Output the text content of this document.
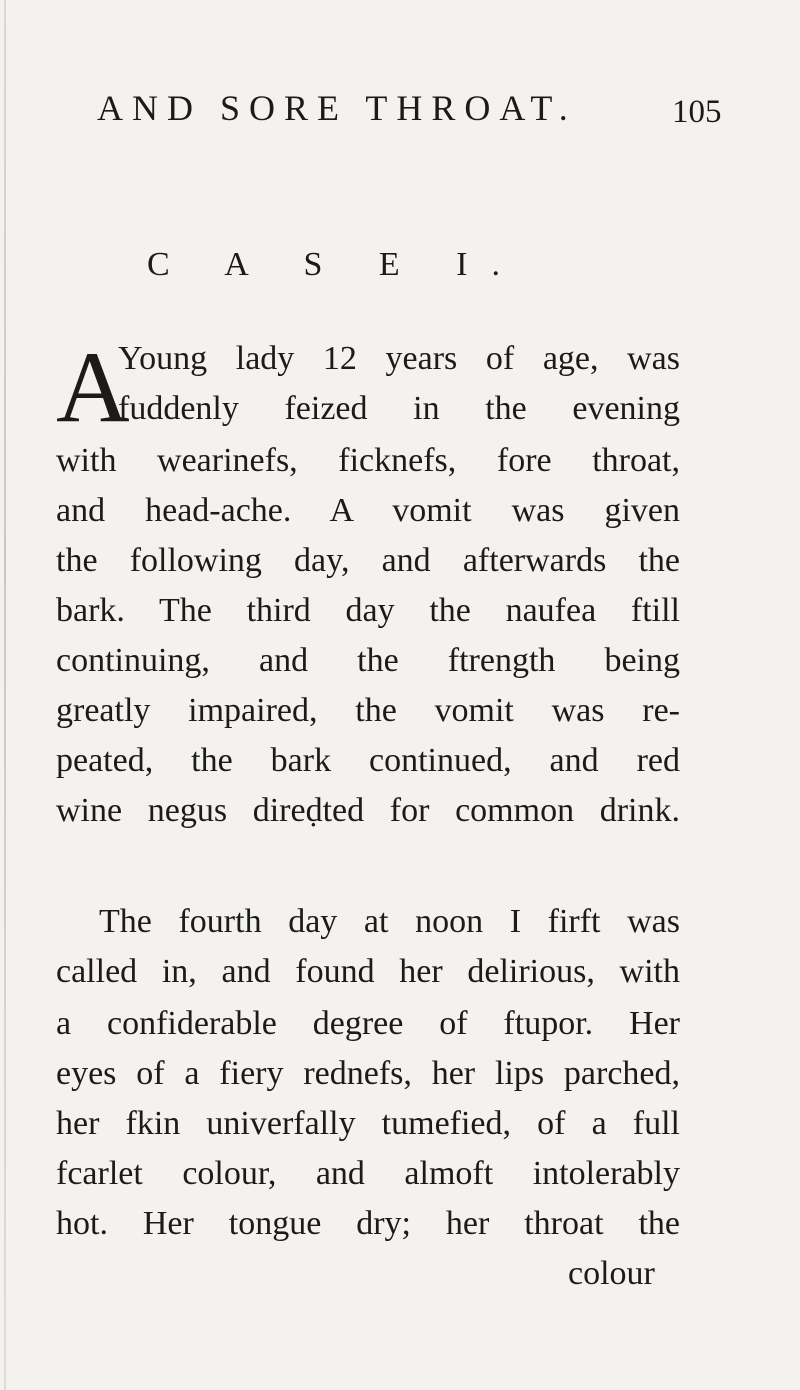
AND SORE THROAT.	105
C A S E I.
A
Young lady 12 years of age, was
fuddenly feized in the evening
with wearinefs, ficknefs, fore throat,
and head-ache. A vomit was given
the following day, and afterwards the
bark. The third day the naufea ftill
continuing, and the ftrength being
greatly impaired, the vomit was re-
peated, the bark continued, and red
wine negus direḍted for common drink.
The fourth day at noon I firft was
called in, and found her delirious, with
a confiderable degree of ftupor. Her
eyes of a fiery rednefs, her lips parched,
her fkin univerfally tumefied, of a full
fcarlet colour, and almoft intolerably
hot. Her tongue dry; her throat the
colour
